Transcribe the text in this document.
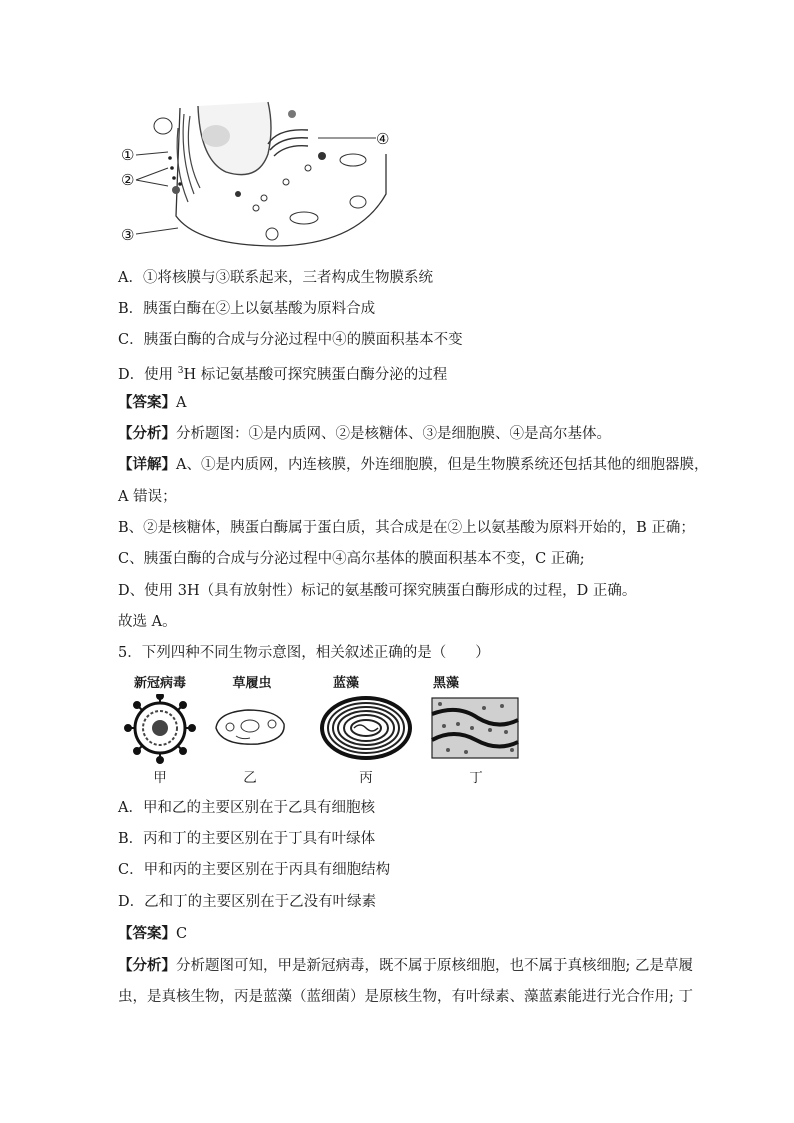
①
②
③
④
A．①将核膜与③联系起来，三者构成生物膜系统
B．胰蛋白酶在②上以氨基酸为原料合成
C．胰蛋白酶的合成与分泌过程中④的膜面积基本不变
D．使用 $^3$H 标记氨基酸可探究胰蛋白酶分泌的过程
【答案】A
【分析】分析题图：①是内质网、②是核糖体、③是细胞膜、④是高尔基体。
【详解】A、①是内质网，内连核膜，外连细胞膜，但是生物膜系统还包括其他的细胞器膜，
A 错误；
B、②是核糖体，胰蛋白酶属于蛋白质，其合成是在②上以氨基酸为原料开始的，B 正确；
C、胰蛋白酶的合成与分泌过程中④高尔基体的膜面积基本不变，C 正确;
D、使用 3H（具有放射性）标记的氨基酸可探究胰蛋白酶形成的过程，D 正确。
故选 A。
5．下列四种不同生物示意图，相关叙述正确的是（　　）
新冠病毒	草履虫	蓝藻	黑藻
甲	乙	丙	丁
A．甲和乙的主要区别在于乙具有细胞核
B．丙和丁的主要区别在于丁具有叶绿体
C．甲和丙的主要区别在于丙具有细胞结构
D．乙和丁的主要区别在于乙没有叶绿素
【答案】C
【分析】分析题图可知，甲是新冠病毒，既不属于原核细胞，也不属于真核细胞; 乙是草履
虫，是真核生物，丙是蓝藻（蓝细菌）是原核生物，有叶绿素、藻蓝素能进行光合作用; 丁
